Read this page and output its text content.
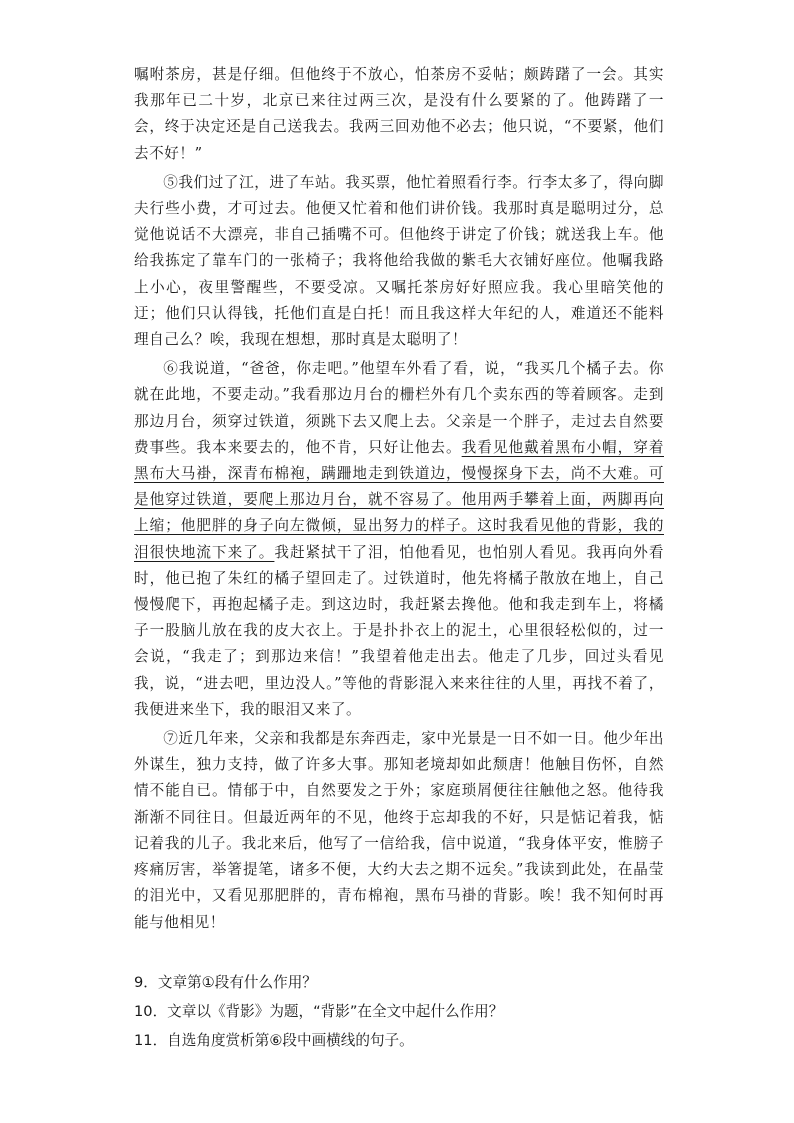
嘱咐茶房，甚是仔细。但他终于不放心，怕茶房不妥帖；颇踌躇了一会。其实我那年已二十岁，北京已来往过两三次，是没有什么要紧的了。他踌躇了一会，终于决定还是自己送我去。我两三回劝他不必去；他只说，“不要紧，他们去不好！”

⑤我们过了江，进了车站。我买票，他忙着照看行李。行李太多了，得向脚夫行些小费，才可过去。他便又忙着和他们讲价钱。我那时真是聪明过分，总觉他说话不大漂亮，非自己插嘴不可。但他终于讲定了价钱；就送我上车。他给我拣定了靠车门的一张椅子；我将他给我做的紫毛大衣铺好座位。他嘱我路上小心，夜里警醒些，不要受凉。又嘱托茶房好好照应我。我心里暗笑他的迂；他们只认得钱，托他们直是白托！而且我这样大年纪的人，难道还不能料理自己么？唉，我现在想想，那时真是太聪明了！

⑥我说道，“爸爸，你走吧。”他望车外看了看，说，“我买几个橘子去。你就在此地，不要走动。”我看那边月台的栅栏外有几个卖东西的等着顾客。走到那边月台，须穿过铁道，须跳下去又爬上去。父亲是一个胖子，走过去自然要费事些。我本来要去的，他不肯，只好让他去。我看见他戴着黑布小帽，穿着黑布大马褂，深青布棉袍，蹒跚地走到铁道边，慢慢探身下去，尚不大难。可是他穿过铁道，要爬上那边月台，就不容易了。他用两手攀着上面，两脚再向上缩；他肥胖的身子向左微倾，显出努力的样子。这时我看见他的背影，我的泪很快地流下来了。我赶紧拭干了泪，怕他看见，也怕别人看见。我再向外看时，他已抱了朱红的橘子望回走了。过铁道时，他先将橘子散放在地上，自己慢慢爬下，再抱起橘子走。到这边时，我赶紧去搀他。他和我走到车上，将橘子一股脑儿放在我的皮大衣上。于是扑扑衣上的泥土，心里很轻松似的，过一会说，“我走了；到那边来信！”我望着他走出去。他走了几步，回过头看见我，说，“进去吧，里边没人。”等他的背影混入来来往往的人里，再找不着了，我便进来坐下，我的眼泪又来了。

⑦近几年来，父亲和我都是东奔西走，家中光景是一日不如一日。他少年出外谋生，独力支持，做了许多大事。那知老境却如此颓唐！他触目伤怀，自然情不能自已。情郁于中，自然要发之于外；家庭琐屑便往往触他之怒。他待我渐渐不同往日。但最近两年的不见，他终于忘却我的不好，只是惦记着我，惦记着我的儿子。我北来后，他写了一信给我，信中说道，“我身体平安，惟膀子疼痛厉害，举箸提笔，诸多不便，大约大去之期不远矣。”我读到此处，在晶莹的泪光中，又看见那肥胖的，青布棉袍，黑布马褂的背影。唉！我不知何时再能与他相见！

9．文章第①段有什么作用？

10．文章以《背影》为题，“背影”在全文中起什么作用？

11．自选角度赏析第⑥段中画横线的句子。
